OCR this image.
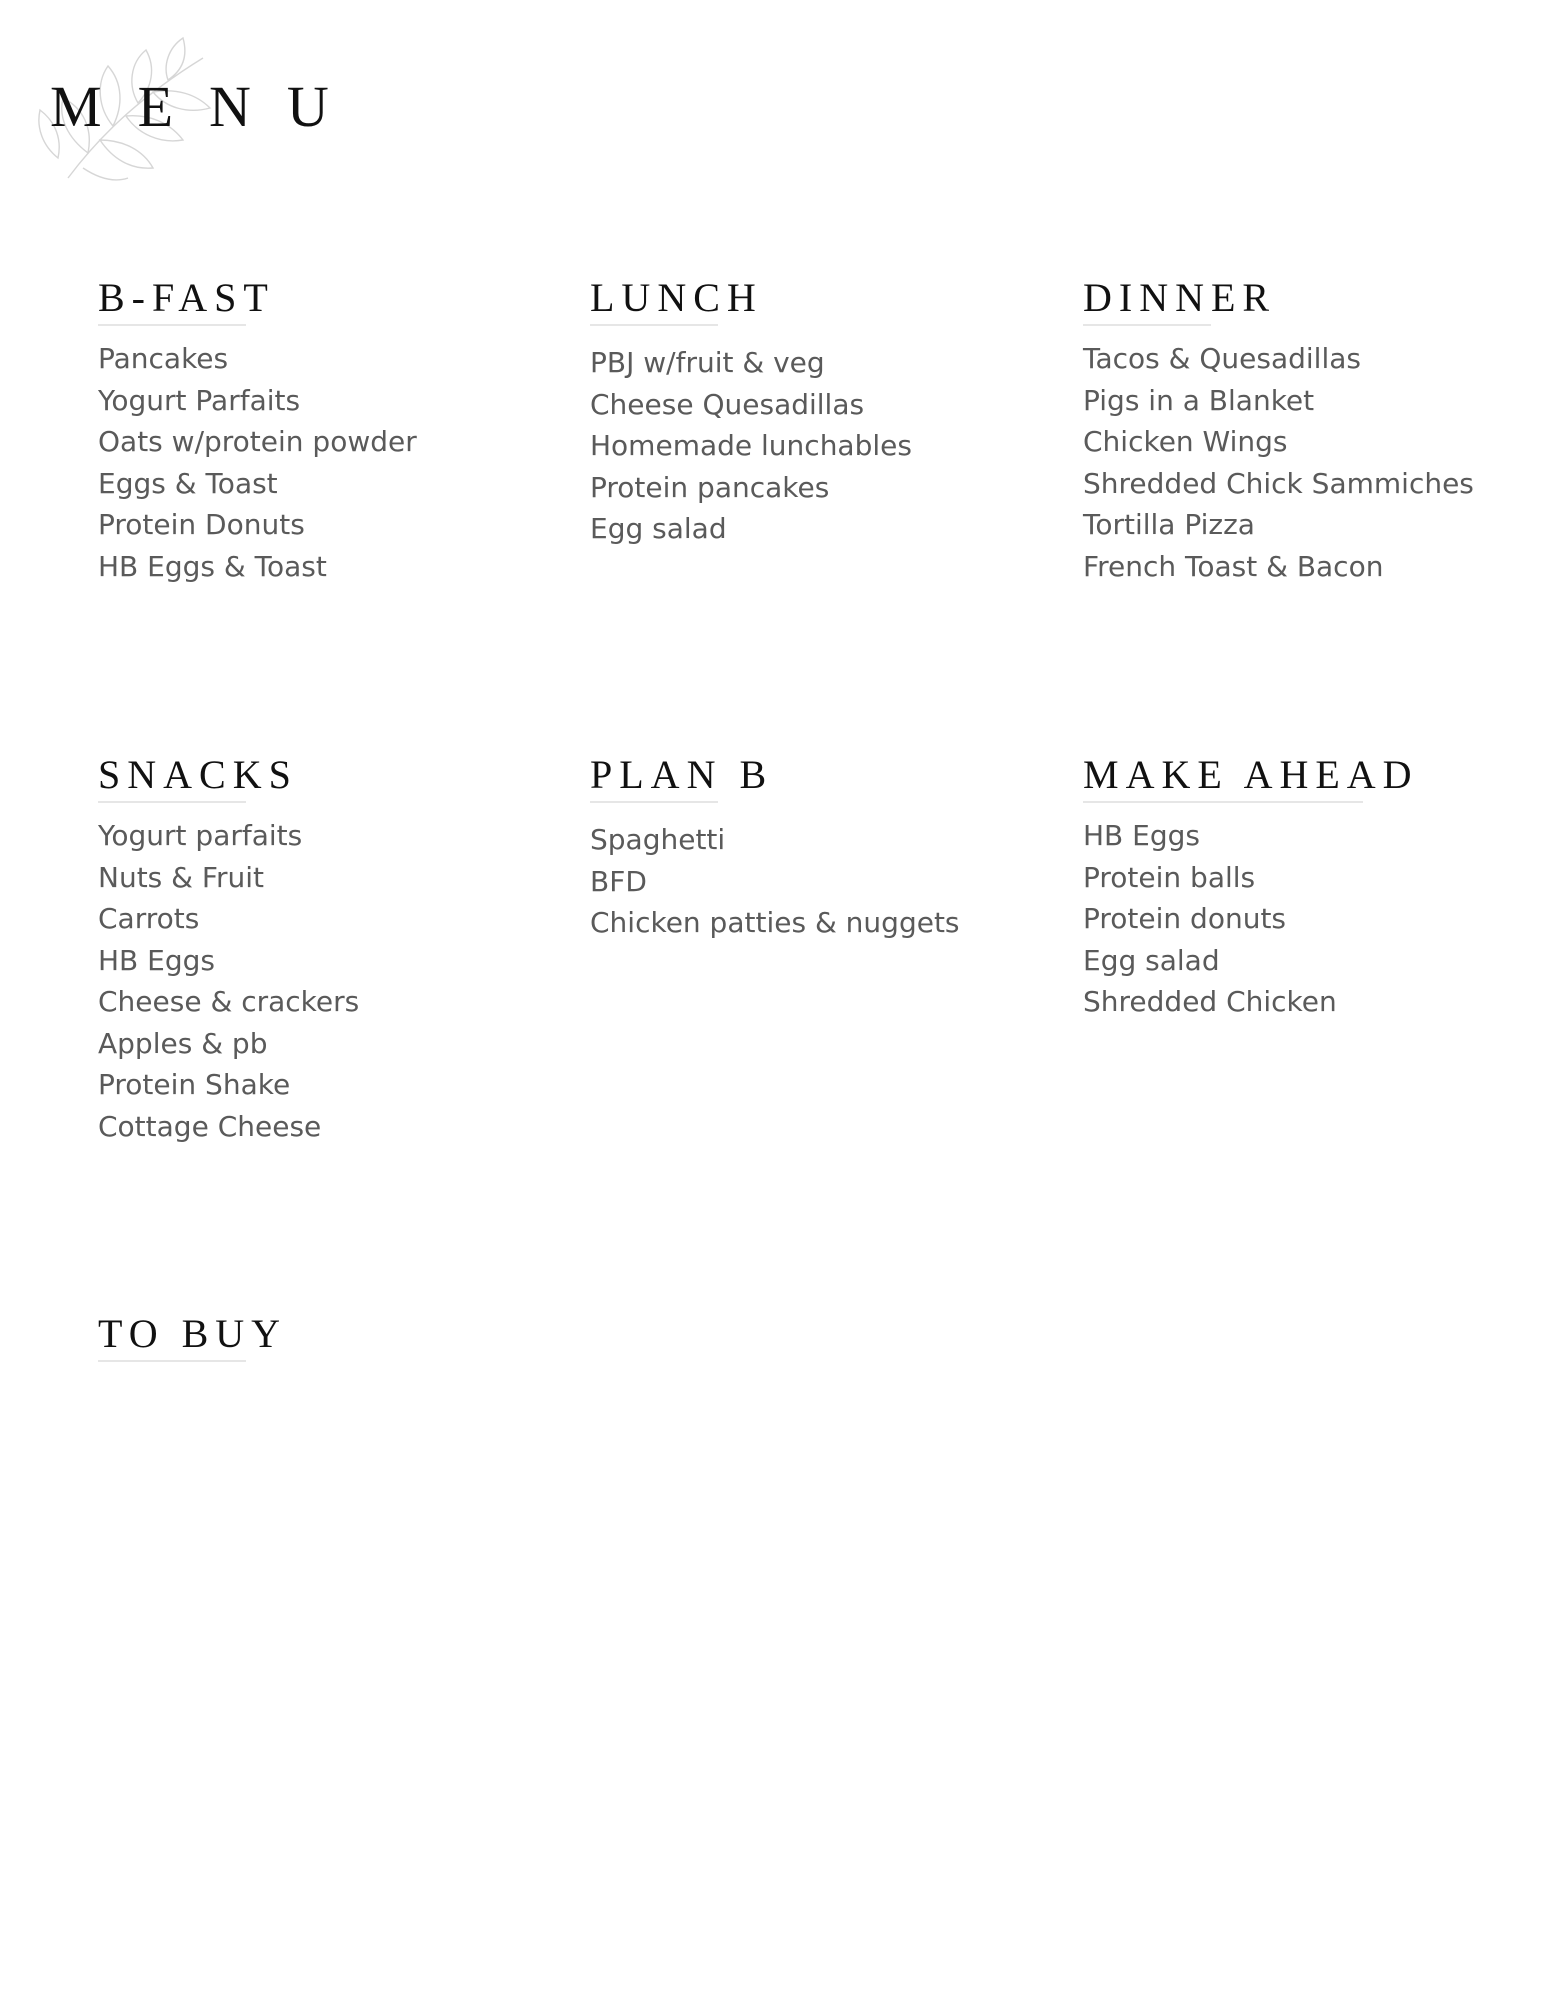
MENU
B-FAST
Pancakes
Yogurt Parfaits
Oats w/protein powder
Eggs & Toast
Protein Donuts
HB Eggs & Toast
LUNCH
PBJ w/fruit & veg
Cheese Quesadillas
Homemade lunchables
Protein pancakes
Egg salad
DINNER
Tacos & Quesadillas
Pigs in a Blanket
Chicken Wings
Shredded Chick Sammiches
Tortilla Pizza
French Toast & Bacon
SNACKS
Yogurt parfaits
Nuts & Fruit
Carrots
HB Eggs
Cheese & crackers
Apples & pb
Protein Shake
Cottage Cheese
PLAN B
Spaghetti
BFD
Chicken patties & nuggets
MAKE AHEAD
HB Eggs
Protein balls
Protein donuts
Egg salad
Shredded Chicken
TO BUY
